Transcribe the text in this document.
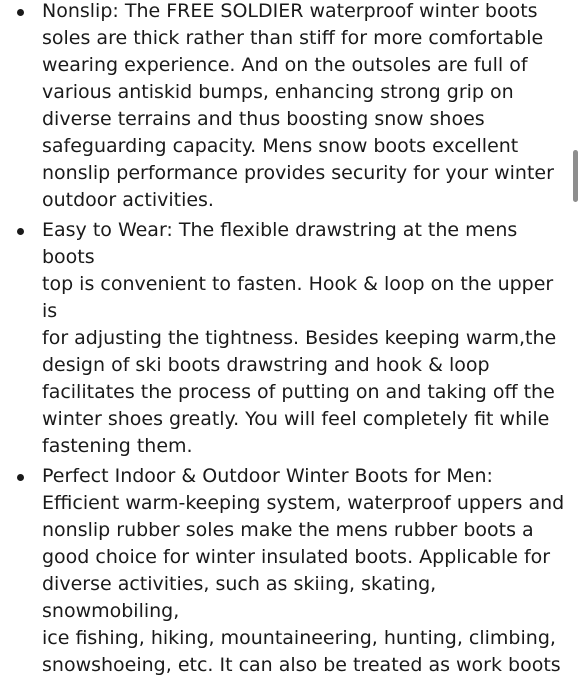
Nonslip: The FREE SOLDIER waterproof winter boots
soles are thick rather than stiff for more comfortable
wearing experience. And on the outsoles are full of
various antiskid bumps, enhancing strong grip on
diverse terrains and thus boosting snow shoes
safeguarding capacity. Mens snow boots excellent
nonslip performance provides security for your winter
outdoor activities.
Easy to Wear: The flexible drawstring at the mens boots
top is convenient to fasten. Hook & loop on the upper is
for adjusting the tightness. Besides keeping warm,the
design of ski boots drawstring and hook & loop
facilitates the process of putting on and taking off the
winter shoes greatly. You will feel completely fit while
fastening them.
Perfect Indoor & Outdoor Winter Boots for Men:
Efficient warm-keeping system, waterproof uppers and
nonslip rubber soles make the mens rubber boots a
good choice for winter insulated boots. Applicable for
diverse activities, such as skiing, skating, snowmobiling,
ice fishing, hiking, mountaineering, hunting, climbing,
snowshoeing, etc. It can also be treated as work boots
